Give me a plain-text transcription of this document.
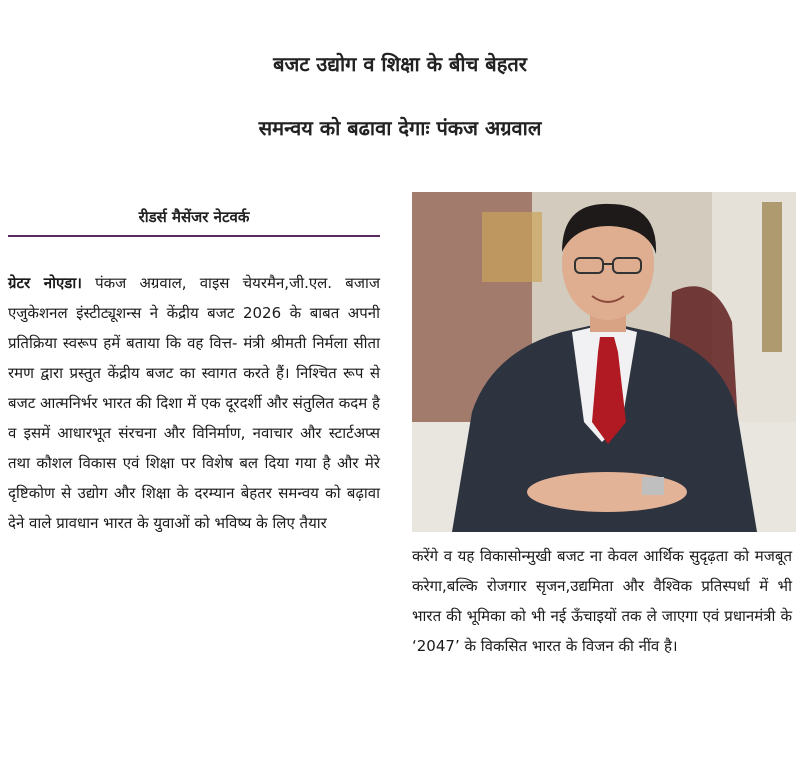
बजट उद्योग व शिक्षा के बीच बेहतर
समन्वय को बढावा देगाः पंकज अग्रवाल
रीडर्स मैसेंजर नेटवर्क
ग्रेटर नोएडा। पंकज अग्रवाल, वाइस चेयरमैन,जी.एल. बजाज एजुकेशनल इंस्टीट्यूशन्स ने केंद्रीय बजट 2026 के बाबत अपनी प्रतिक्रिया स्वरूप हमें बताया कि वह वित्त- मंत्री श्रीमती निर्मला सीता रमण द्वारा प्रस्तुत केंद्रीय बजट का स्वागत करते हैं। निश्चित रूप से बजट आत्मनिर्भर भारत की दिशा में एक दूरदर्शी और संतुलित कदम है व इसमें आधारभूत संरचना और विनिर्माण, नवाचार और स्टार्टअप्स तथा कौशल विकास एवं शिक्षा पर विशेष बल दिया गया है और मेरे दृष्टिकोण से उद्योग और शिक्षा के दरम्यान बेहतर समन्वय को बढ़ावा देने वाले प्रावधान भारत के युवाओं को भविष्य के लिए तैयार
करेंगे व यह विकासोन्मुखी बजट ना केवल आर्थिक सुदृढ़ता को मजबूत करेगा,बल्कि रोजगार सृजन,उद्यमिता और वैश्विक प्रतिस्पर्धा में भी भारत की भूमिका को भी नई ऊँचाइयों तक ले जाएगा एवं प्रधानमंत्री के ‘2047’ के विकसित भारत के विजन की नींव है।
